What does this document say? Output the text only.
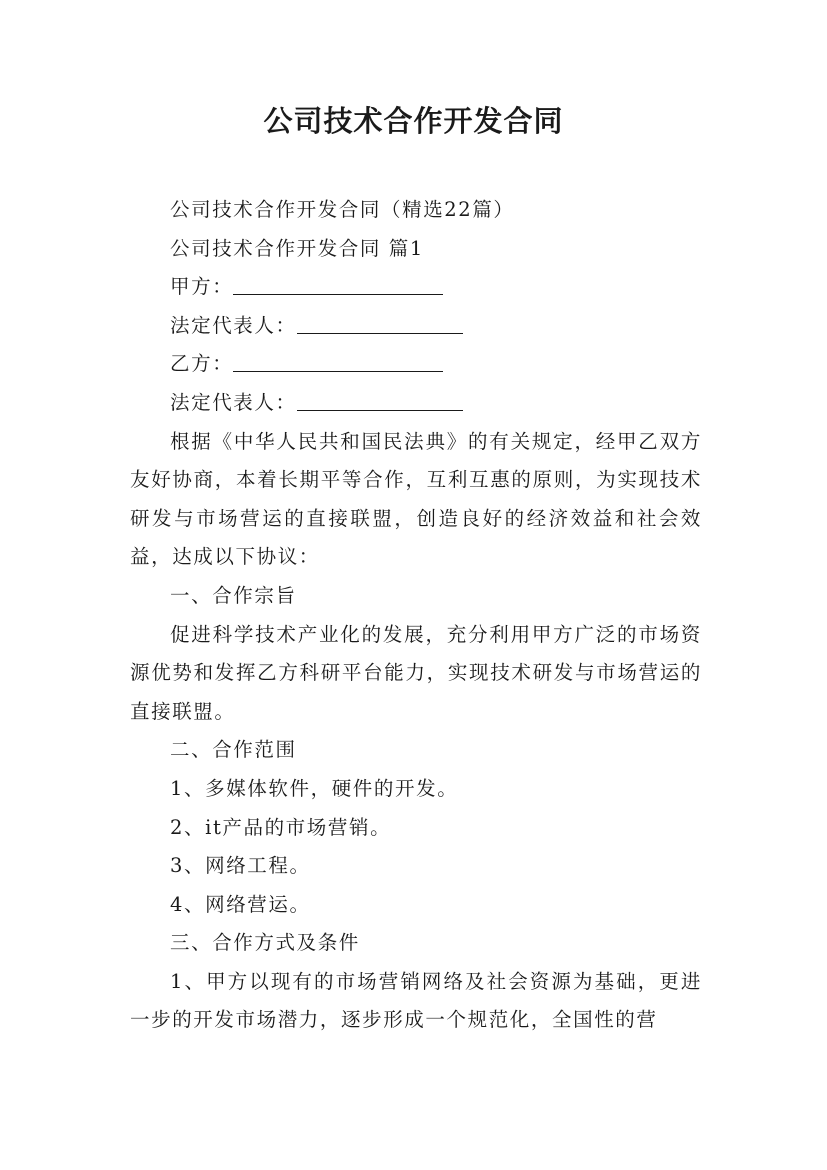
公司技术合作开发合同

公司技术合作开发合同（精选22篇）

公司技术合作开发合同 篇1

甲方：

法定代表人：

乙方：

法定代表人：

根据《中华人民共和国民法典》的有关规定，经甲乙双方友好协商，本着长期平等合作，互利互惠的原则，为实现技术研发与市场营运的直接联盟，创造良好的经济效益和社会效益，达成以下协议：

一、合作宗旨

促进科学技术产业化的发展，充分利用甲方广泛的市场资源优势和发挥乙方科研平台能力，实现技术研发与市场营运的直接联盟。

二、合作范围

1、多媒体软件，硬件的开发。

2、it产品的市场营销。

3、网络工程。

4、网络营运。

三、合作方式及条件

1、甲方以现有的市场营销网络及社会资源为基础，更进一步的开发市场潜力，逐步形成一个规范化，全国性的营
